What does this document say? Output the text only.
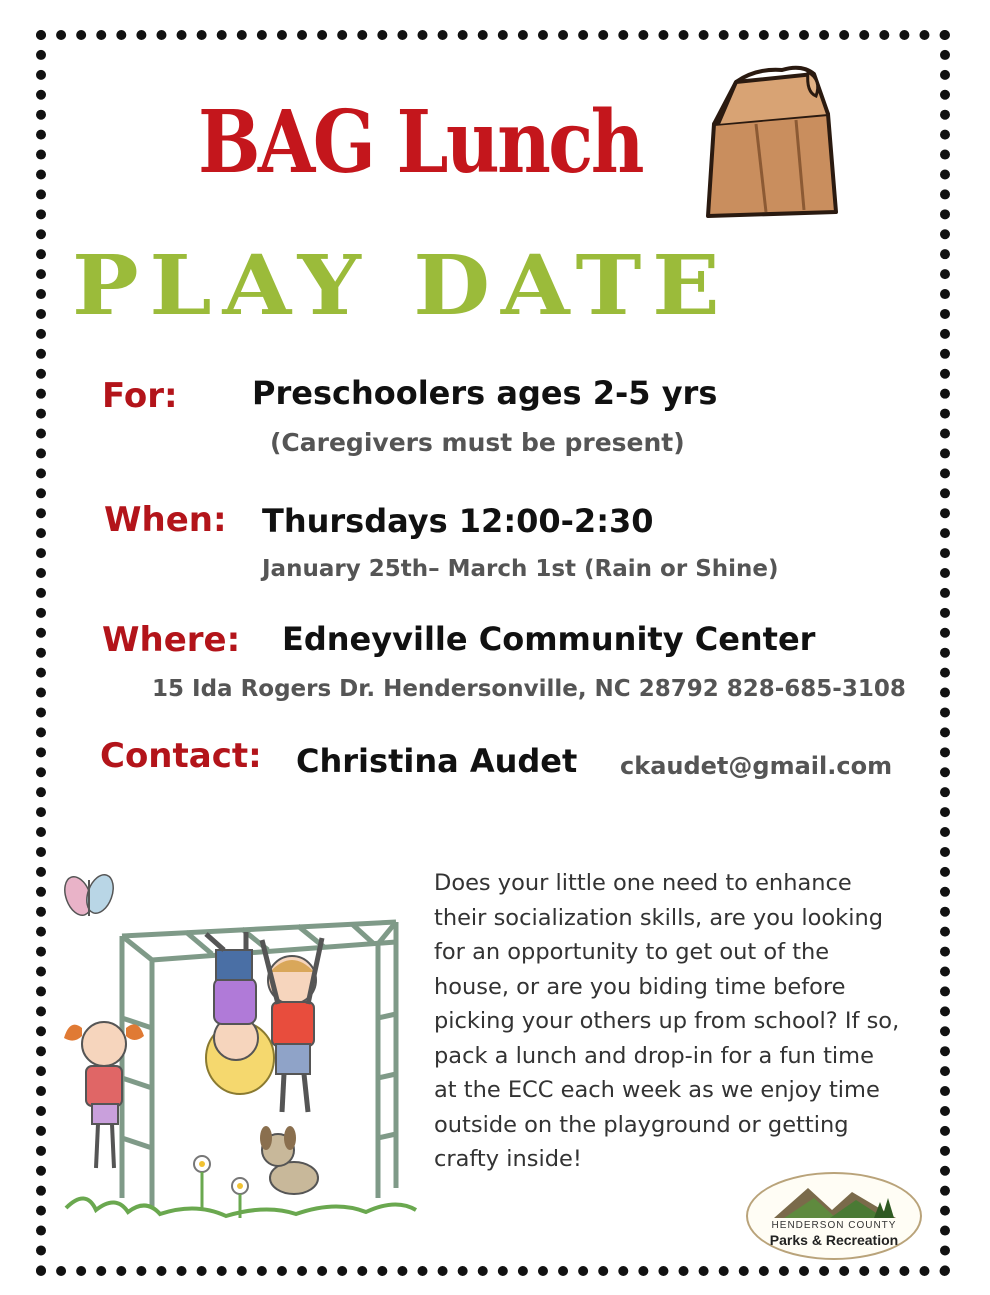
BAG Lunch
PLAY DATE
For: Preschoolers ages 2-5 yrs
(Caregivers must be present)
When: Thursdays 12:00-2:30
January 25th– March 1st (Rain or Shine)
Where: Edneyville Community Center
15 Ida Rogers Dr. Hendersonville, NC 28792 828-685-3108
Contact: Christina Audet ckaudet@gmail.com

Does your little one need to enhance

their socialization skills, are you looking

for an opportunity to get out of the

house, or are you biding time before

picking your others up from school? If so,

pack a lunch and drop-in for a fun time

at the ECC each week as we enjoy time

outside on the playground or getting

crafty inside!

HENDERSON COUNTY
Parks & Recreation
